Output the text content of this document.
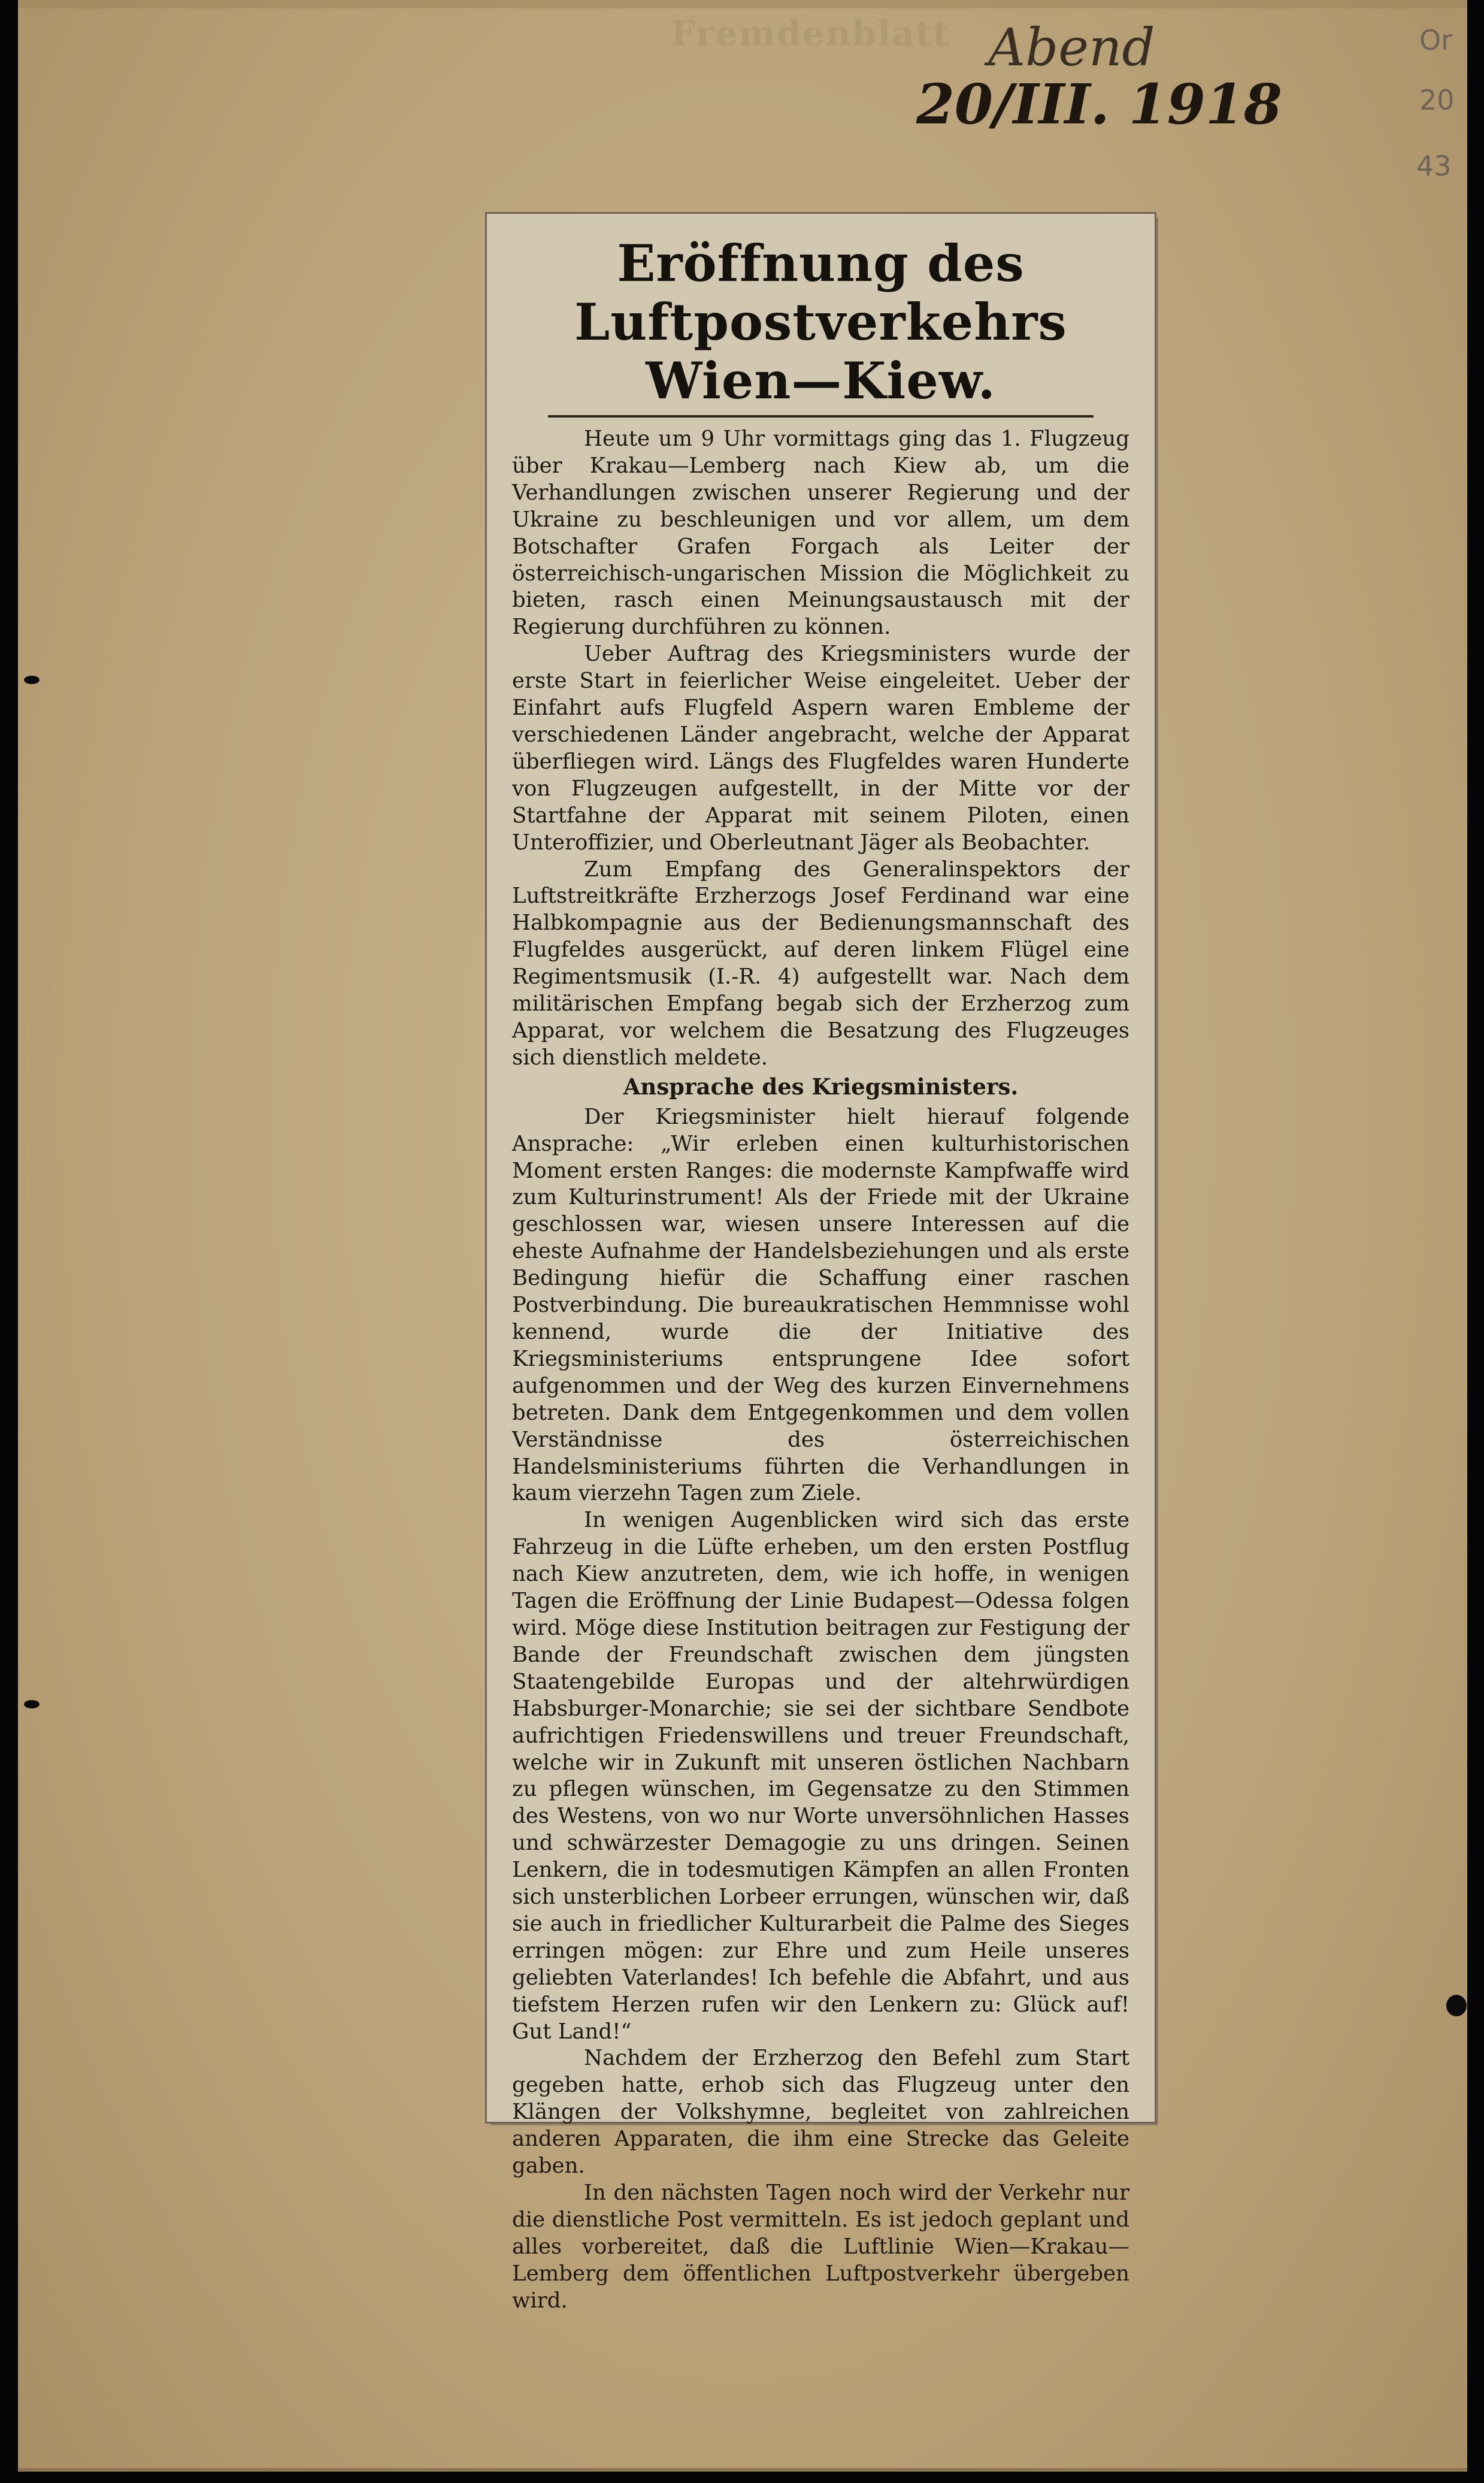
Fremdenblatt Abend
20/III. 1918
Or
20
43
Eröffnung des Luftpostverkehrs
Wien—Kiew.

Heute um 9 Uhr vormittags ging das 1. Flugzeug über Krakau—Lemberg nach Kiew ab, um die Verhandlungen zwischen unserer Regierung und der Ukraine zu beschleunigen und vor allem, um dem Botschafter Grafen Forgach als Leiter der österreichisch-ungarischen Mission die Möglichkeit zu bieten, rasch einen Meinungsaustausch mit der Regierung durchführen zu können.

Ueber Auftrag des Kriegsministers wurde der erste Start in feierlicher Weise eingeleitet. Ueber der Einfahrt aufs Flugfeld Aspern waren Embleme der verschiedenen Länder angebracht, welche der Apparat überfliegen wird. Längs des Flugfeldes waren Hunderte von Flugzeugen aufgestellt, in der Mitte vor der Startfahne der Apparat mit seinem Piloten, einen Unteroffizier, und Oberleutnant Jäger als Beobachter.

Zum Empfang des Generalinspektors der Luftstreitkräfte Erzherzogs Josef Ferdinand war eine Halbkompagnie aus der Bedienungsmannschaft des Flugfeldes ausgerückt, auf deren linkem Flügel eine Regimentsmusik (I.-R. 4) aufgestellt war. Nach dem militärischen Empfang begab sich der Erzherzog zum Apparat, vor welchem die Besatzung des Flugzeuges sich dienstlich meldete.

Ansprache des Kriegsministers.

Der Kriegsminister hielt hierauf folgende Ansprache: „Wir erleben einen kulturhistorischen Moment ersten Ranges: die modernste Kampfwaffe wird zum Kulturinstrument! Als der Friede mit der Ukraine geschlossen war, wiesen unsere Interessen auf die eheste Aufnahme der Handelsbeziehungen und als erste Bedingung hiefür die Schaffung einer raschen Postverbindung. Die bureaukratischen Hemmnisse wohl kennend, wurde die der Initiative des Kriegsministeriums entsprungene Idee sofort aufgenommen und der Weg des kurzen Einvernehmens betreten. Dank dem Entgegenkommen und dem vollen Verständnisse des österreichischen Handelsministeriums führten die Verhandlungen in kaum vierzehn Tagen zum Ziele.

In wenigen Augenblicken wird sich das erste Fahrzeug in die Lüfte erheben, um den ersten Postflug nach Kiew anzutreten, dem, wie ich hoffe, in wenigen Tagen die Eröffnung der Linie Budapest—Odessa folgen wird. Möge diese Institution beitragen zur Festigung der Bande der Freundschaft zwischen dem jüngsten Staatengebilde Europas und der altehrwürdigen Habsburger-Monarchie; sie sei der sichtbare Sendbote aufrichtigen Friedenswillens und treuer Freundschaft, welche wir in Zukunft mit unseren östlichen Nachbarn zu pflegen wünschen, im Gegensatze zu den Stimmen des Westens, von wo nur Worte unversöhnlichen Hasses und schwärzester Demagogie zu uns dringen. Seinen Lenkern, die in todesmutigen Kämpfen an allen Fronten sich unsterblichen Lorbeer errungen, wünschen wir, daß sie auch in friedlicher Kulturarbeit die Palme des Sieges erringen mögen: zur Ehre und zum Heile unseres geliebten Vaterlandes! Ich befehle die Abfahrt, und aus tiefstem Herzen rufen wir den Lenkern zu: Glück auf! Gut Land!“

Nachdem der Erzherzog den Befehl zum Start gegeben hatte, erhob sich das Flugzeug unter den Klängen der Volkshymne, begleitet von zahlreichen anderen Apparaten, die ihm eine Strecke das Geleite gaben.

In den nächsten Tagen noch wird der Verkehr nur die dienstliche Post vermitteln. Es ist jedoch geplant und alles vorbereitet, daß die Luftlinie Wien—Krakau—Lemberg dem öffentlichen Luftpostverkehr übergeben wird.
